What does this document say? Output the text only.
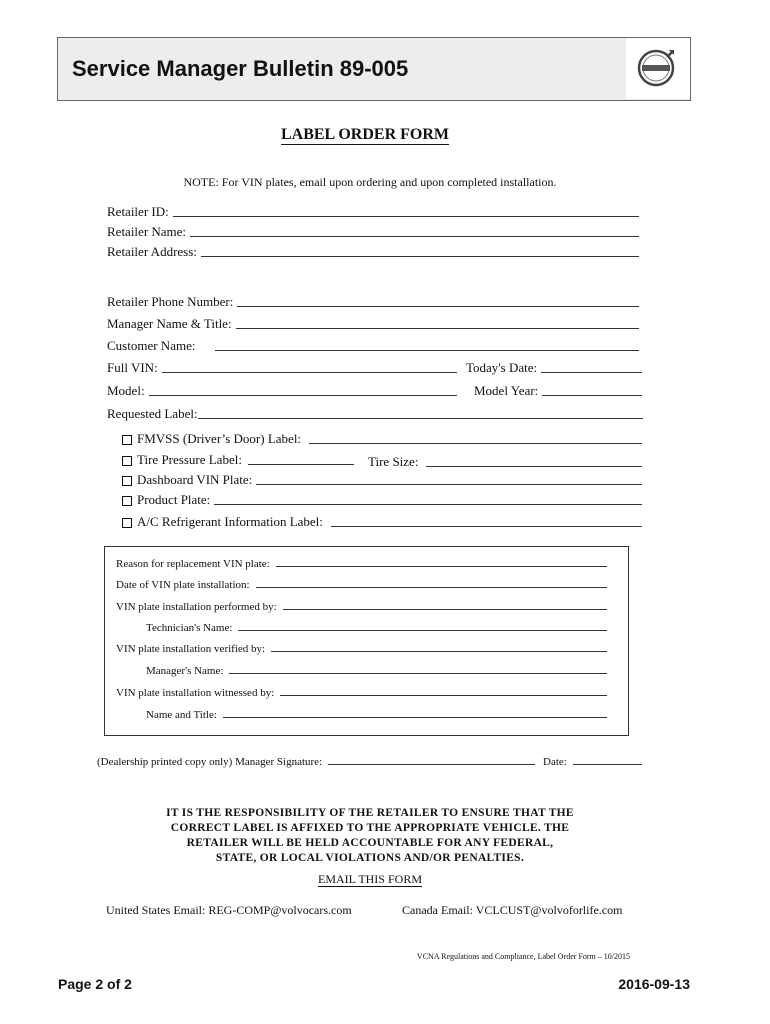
Service Manager Bulletin 89-005
LABEL ORDER FORM
NOTE: For VIN plates, email upon ordering and upon completed installation.
Retailer ID:
Retailer Name:
Retailer Address:
Retailer Phone Number:
Manager Name & Title:
Customer Name:
Full VIN:	Today's Date:
Model:	Model Year:
Requested Label:
FMVSS (Driver’s Door) Label:
Tire Pressure Label:	Tire Size:
Dashboard VIN Plate:
Product Plate:
A/C Refrigerant Information Label:
Reason for replacement VIN plate:
Date of VIN plate installation:
VIN plate installation performed by:
Technician's Name:
VIN plate installation verified by:
Manager's Name:
VIN plate installation witnessed by:
Name and Title:
(Dealership printed copy only) Manager Signature:	Date:
IT IS THE RESPONSIBILITY OF THE RETAILER TO ENSURE THAT THE
CORRECT LABEL IS AFFIXED TO THE APPROPRIATE VEHICLE. THE
RETAILER WILL BE HELD ACCOUNTABLE FOR ANY FEDERAL,
STATE, OR LOCAL VIOLATIONS AND/OR PENALTIES.
EMAIL THIS FORM
United States Email: REG-COMP@volvocars.com	Canada Email: VCLCUST@volvoforlife.com
VCNA Regulations and Compliance, Label Order Form – 10/2015
Page 2 of 2	2016-09-13
